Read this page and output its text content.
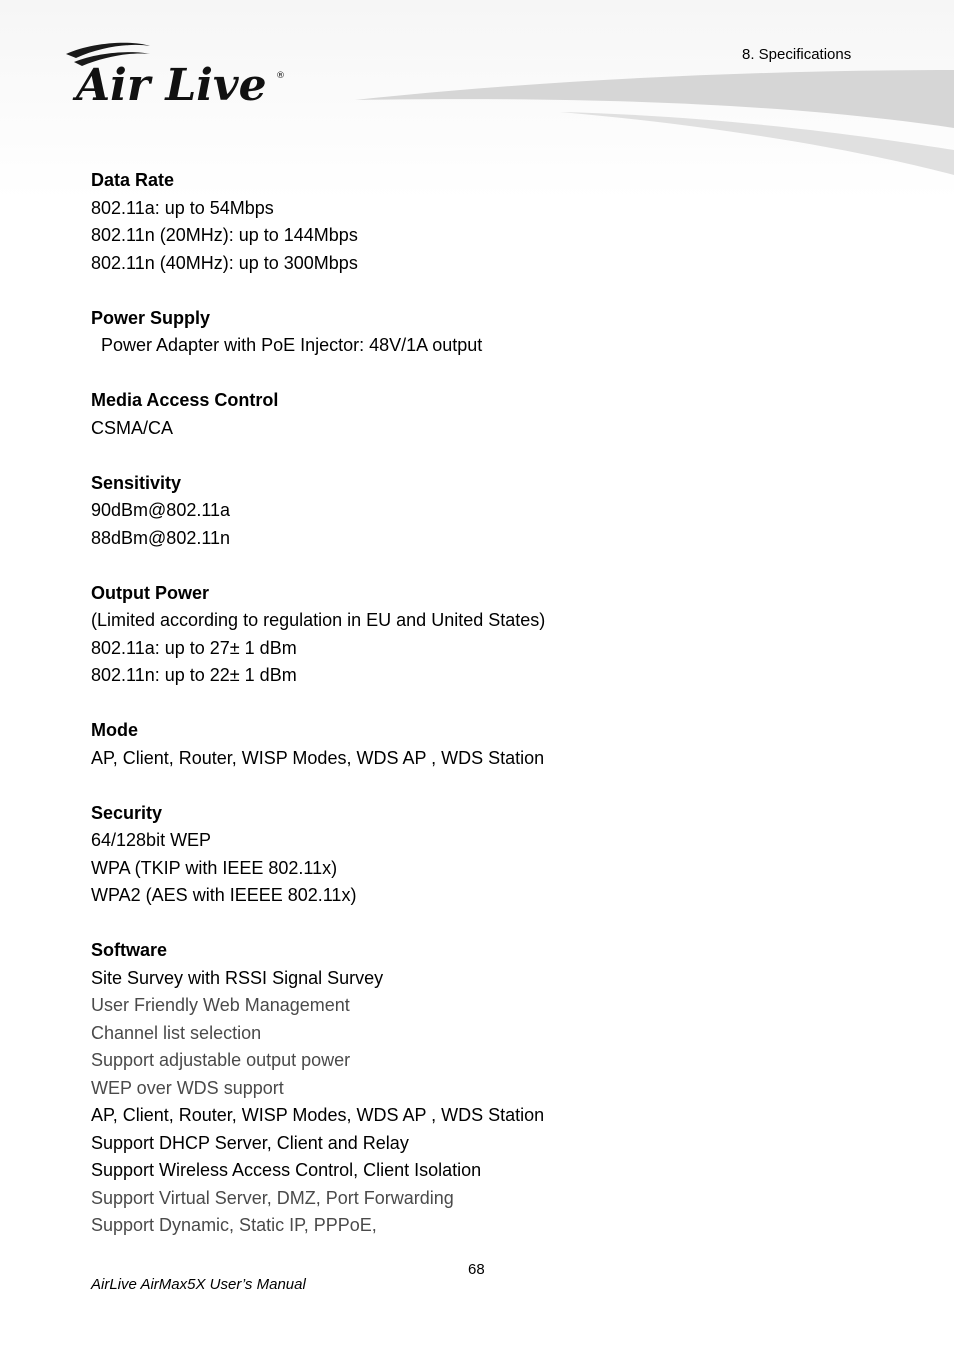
Air Live ®
8. Specifications
Data Rate
802.11a: up to 54Mbps
802.11n (20MHz): up to 144Mbps
802.11n (40MHz): up to 300Mbps
Power Supply
Power Adapter with PoE Injector: 48V/1A output
Media Access Control
CSMA/CA
Sensitivity
90dBm@802.11a
88dBm@802.11n
Output Power
(Limited according to regulation in EU and United States)
802.11a: up to 27± 1 dBm
802.11n: up to 22± 1 dBm
Mode
AP, Client, Router, WISP Modes, WDS AP , WDS Station
Security
64/128bit WEP
WPA (TKIP with IEEE 802.11x)
WPA2 (AES with IEEEE 802.11x)
Software
Site Survey with RSSI Signal Survey
User Friendly Web Management
Channel list selection
Support adjustable output power
WEP over WDS support
AP, Client, Router, WISP Modes, WDS AP , WDS Station
Support DHCP Server, Client and Relay
Support Wireless Access Control, Client Isolation
Support Virtual Server, DMZ, Port Forwarding
Support Dynamic, Static IP, PPPoE,
68
AirLive AirMax5X User’s Manual
